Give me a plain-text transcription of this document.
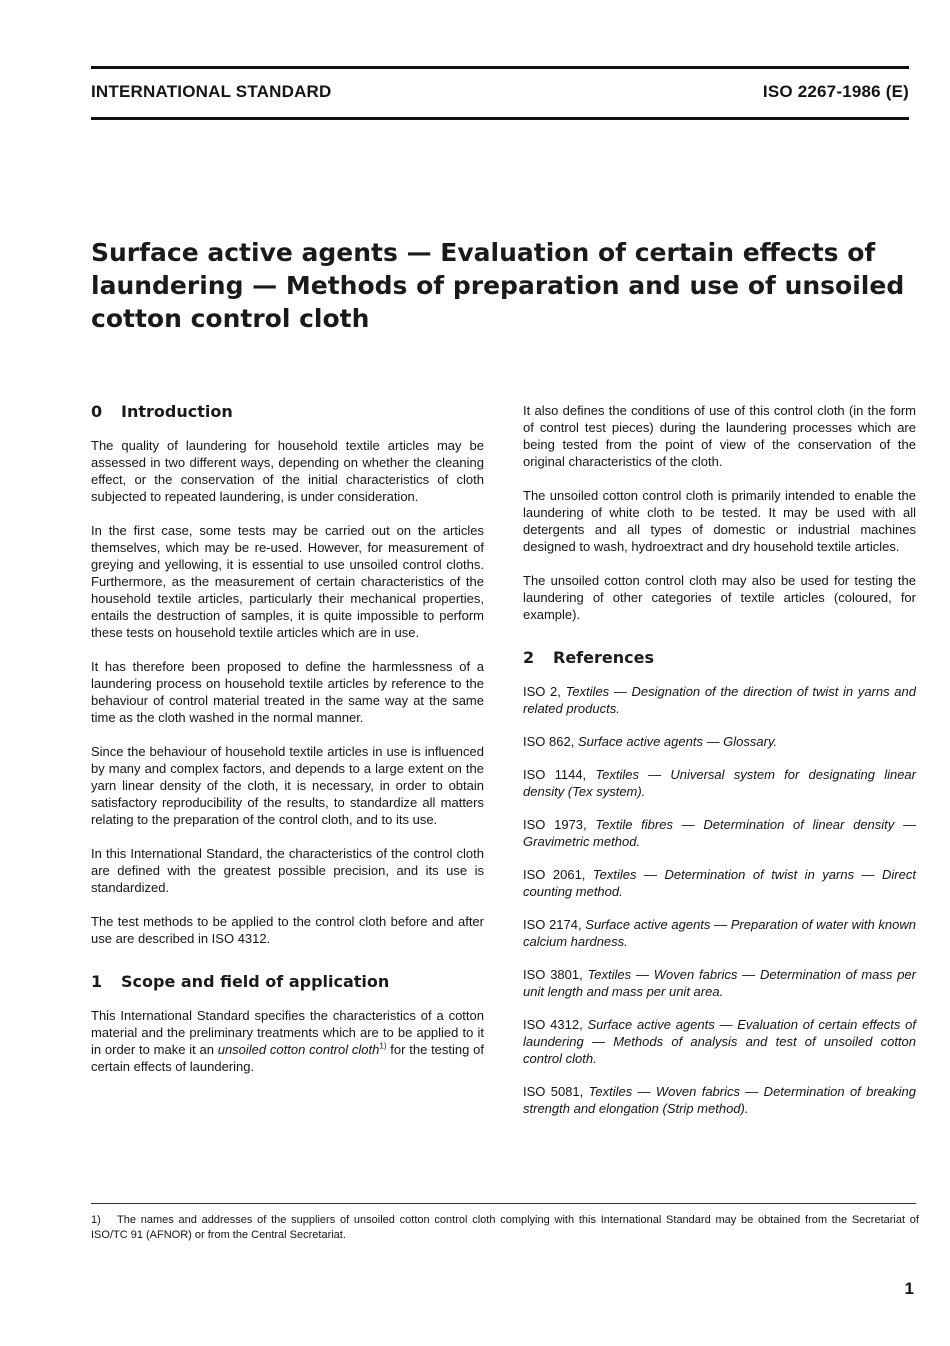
INTERNATIONAL STANDARD	ISO 2267-1986 (E)
Surface active agents — Evaluation of certain effects of laundering — Methods of preparation and use of unsoiled cotton control cloth
0 Introduction

The quality of laundering for household textile articles may be assessed in two different ways, depending on whether the cleaning effect, or the conservation of the initial characteristics of cloth subjected to repeated laundering, is under consideration.

In the first case, some tests may be carried out on the articles themselves, which may be re-used. However, for measurement of greying and yellowing, it is essential to use unsoiled control cloths. Furthermore, as the measurement of certain characteristics of the household textile articles, particularly their mechanical properties, entails the destruction of samples, it is quite impossible to perform these tests on household textile articles which are in use.

It has therefore been proposed to define the harmlessness of a laundering process on household textile articles by reference to the behaviour of control material treated in the same way at the same time as the cloth washed in the normal manner.

Since the behaviour of household textile articles in use is influenced by many and complex factors, and depends to a large extent on the yarn linear density of the cloth, it is necessary, in order to obtain satisfactory reproducibility of the results, to standardize all matters relating to the preparation of the control cloth, and to its use.

In this International Standard, the characteristics of the control cloth are defined with the greatest possible precision, and its use is standardized.

The test methods to be applied to the control cloth before and after use are described in ISO 4312.

1 Scope and field of application

This International Standard specifies the characteristics of a cotton material and the preliminary treatments which are to be applied to it in order to make it an unsoiled cotton control cloth$^{1)}$ for the testing of certain effects of laundering.

It also defines the conditions of use of this control cloth (in the form of control test pieces) during the laundering processes which are being tested from the point of view of the conservation of the original characteristics of the cloth.

The unsoiled cotton control cloth is primarily intended to enable the laundering of white cloth to be tested. It may be used with all detergents and all types of domestic or industrial machines designed to wash, hydroextract and dry household textile articles.

The unsoiled cotton control cloth may also be used for testing the laundering of other categories of textile articles (coloured, for example).

2 References

ISO 2, Textiles — Designation of the direction of twist in yarns and related products.

ISO 862, Surface active agents — Glossary.

ISO 1144, Textiles — Universal system for designating linear density (Tex system).

ISO 1973, Textile fibres — Determination of linear density — Gravimetric method.

ISO 2061, Textiles — Determination of twist in yarns — Direct counting method.

ISO 2174, Surface active agents — Preparation of water with known calcium hardness.

ISO 3801, Textiles — Woven fabrics — Determination of mass per unit length and mass per unit area.

ISO 4312, Surface active agents — Evaluation of certain effects of laundering — Methods of analysis and test of unsoiled cotton control cloth.

ISO 5081, Textiles — Woven fabrics — Determination of breaking strength and elongation (Strip method).

1) The names and addresses of the suppliers of unsoiled cotton control cloth complying with this International Standard may be obtained from the Secretariat of ISO/TC 91 (AFNOR) or from the Central Secretariat.
1
